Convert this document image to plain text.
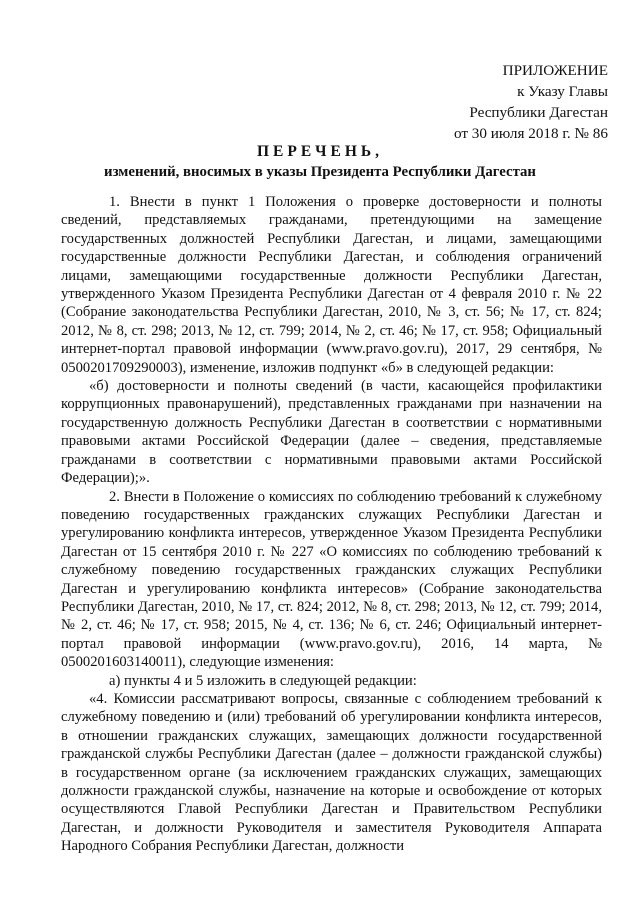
ПРИЛОЖЕНИЕ
к Указу Главы
Республики Дагестан
от 30 июля 2018 г. № 86
ПЕРЕЧЕНЬ,
изменений, вносимых в указы Президента Республики Дагестан

1. Внести в пункт 1 Положения о проверке достоверности и полноты сведений, представляемых гражданами, претендующими на замещение государственных должностей Республики Дагестан, и лицами, замещающими государственные должности Республики Дагестан, и соблюдения ограничений лицами, замещающими государственные должности Республики Дагестан, утвержденного Указом Президента Республики Дагестан от 4 февраля 2010 г. № 22 (Собрание законодательства Республики Дагестан, 2010, № 3, ст. 56; № 17, ст. 824; 2012, № 8, ст. 298; 2013, № 12, ст. 799; 2014, № 2, ст. 46; № 17, ст. 958; Официальный интернет-портал правовой информации (www.pravo.gov.ru), 2017, 29 сентября, № 0500201709290003), изменение, изложив подпункт «б» в следующей редакции:

«б) достоверности и полноты сведений (в части, касающейся профилактики коррупционных правонарушений), представленных гражданами при назначении на государственную должность Республики Дагестан в соответствии с нормативными правовыми актами Российской Федерации (далее – сведения, представляемые гражданами в соответствии с нормативными правовыми актами Российской Федерации);».

2. Внести в Положение о комиссиях по соблюдению требований к служебному поведению государственных гражданских служащих Республики Дагестан и урегулированию конфликта интересов, утвержденное Указом Президента Республики Дагестан от 15 сентября 2010 г. № 227 «О комиссиях по соблюдению требований к служебному поведению государственных гражданских служащих Республики Дагестан и урегулированию конфликта интересов» (Собрание законодательства Республики Дагестан, 2010, № 17, ст. 824; 2012, № 8, ст. 298; 2013, № 12, ст. 799; 2014, № 2, ст. 46; № 17, ст. 958; 2015, № 4, ст. 136; № 6, ст. 246; Официальный интернет-портал правовой информации (www.pravo.gov.ru), 2016, 14 марта, № 0500201603140011), следующие изменения:

а) пункты 4 и 5 изложить в следующей редакции:

«4. Комиссии рассматривают вопросы, связанные с соблюдением требований к служебному поведению и (или) требований об урегулировании конфликта интересов, в отношении гражданских служащих, замещающих должности государственной гражданской службы Республики Дагестан (далее – должности гражданской службы) в государственном органе (за исключением гражданских служащих, замещающих должности гражданской службы, назначение на которые и освобождение от которых осуществляются Главой Республики Дагестан и Правительством Республики Дагестан, и должности Руководителя и заместителя Руководителя Аппарата Народного Собрания Республики Дагестан, должности
